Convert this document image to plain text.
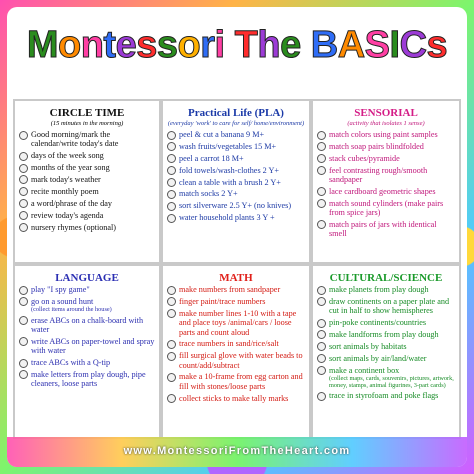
Montessori The BASICs
CIRCLE TIME
(15 minutes in the morning)
Good morning/mark the calendar/write today's date
days of the week song
months of the year song
mark today's weather
recite monthly poem
a word/phrase of the day
review today's agenda
nursery rhymes (optional)
Practical Life (PLA)
(everyday 'work' to care for self/ home/environment)
peel & cut a banana 9 M+
wash fruits/vegetables 15 M+
peel a carrot 18 M+
fold towels/wash-clothes 2 Y+
clean a table with a brush 2 Y+
match socks 2 Y+
sort silverware 2.5 Y+ (no knives)
water household plants 3 Y +
SENSORIAL
(activity that isolates 1 sense)
match colors using paint samples
match soap pairs blindfolded
stack cubes/pyramide
feel contrasting rough/smooth sandpaper
lace cardboard geometric shapes
match sound cylinders (make pairs from spice jars)
match pairs of jars with identical smell
LANGUAGE
play "I spy game"
go on a sound hunt
(collect items around the house)
erase ABCs on a chalk-board with water
write ABCs on paper-towel and spray with water
trace ABCs with a Q-tip
make letters from play dough, pipe cleaners, loose parts
MATH
make numbers from sandpaper
finger paint/trace numbers
make number lines 1-10 with a tape and place toys /animal/cars / loose parts and count aloud
trace numbers in sand/rice/salt
fill surgical glove with water beads to count/add/subtract
make a 10-frame from egg carton and fill with stones/loose parts
collect sticks to make tally marks
CULTURAL/SCIENCE
make planets from play dough
draw continents on a paper plate and cut in half to show hemispheres
pin-poke continents/countries
make landforms from play dough
sort animals by habitats
sort animals by air/land/water
make a continent box
(collect maps, cards, souvenirs, pictures, artwork, money, stamps, animal figurines, 3-part cards)
trace in styrofoam and poke flags
www.MontessoriFromTheHeart.com
